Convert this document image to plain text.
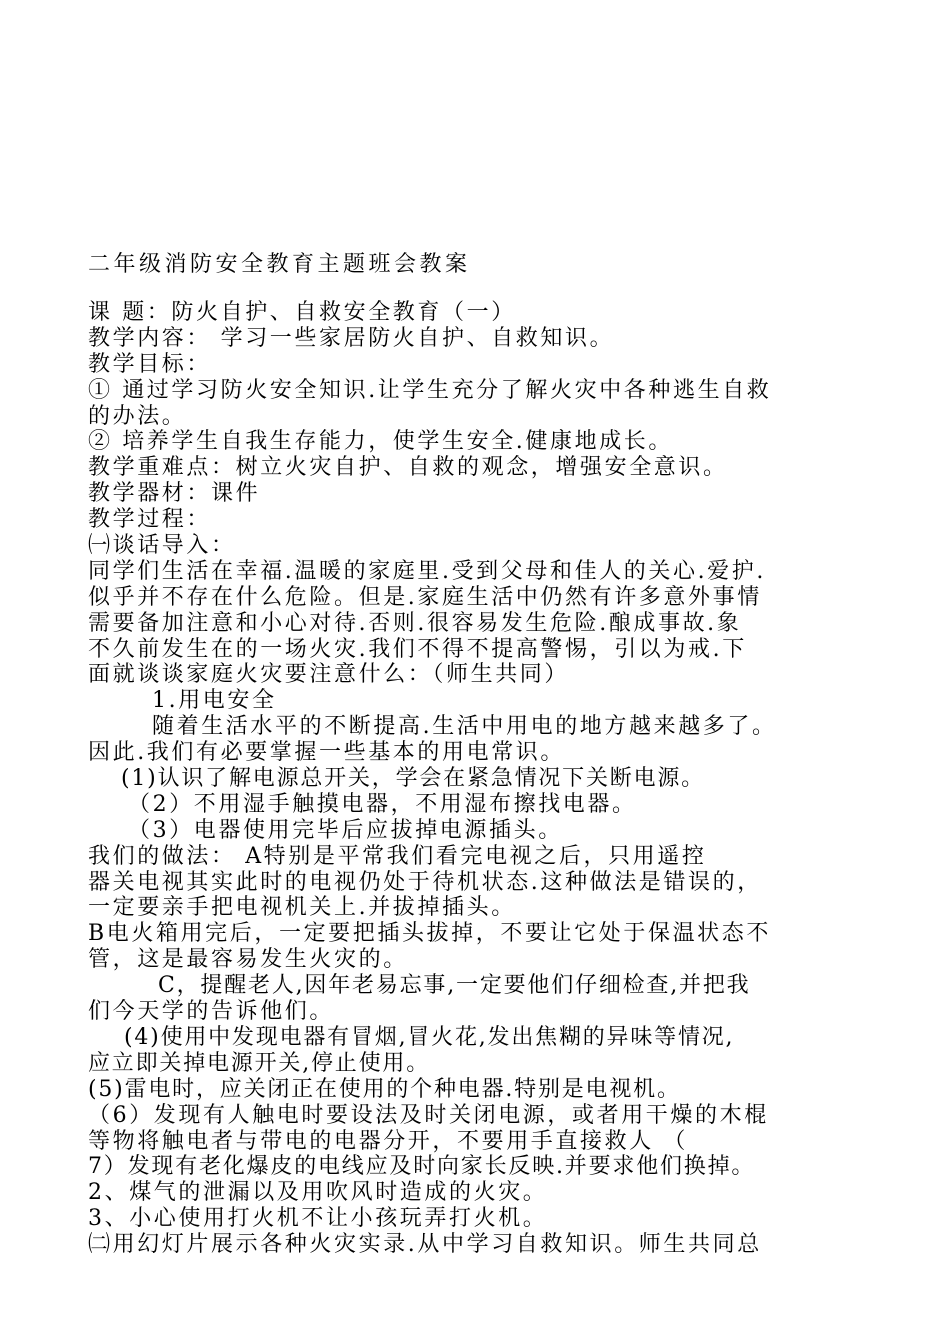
二年级消防安全教育主题班会教案
课 题：防火自护、自救安全教育（一）
教学内容： 学习一些家居防火自护、自救知识。
教学目标：
① 通过学习防火安全知识.让学生充分了解火灾中各种逃生自救
的办法。
② 培养学生自我生存能力，使学生安全.健康地成长。
教学重难点：树立火灾自护、自救的观念，增强安全意识。
教学器材：课件
教学过程：
㈠谈话导入：
同学们生活在幸福.温暖的家庭里.受到父母和佳人的关心.爱护.
似乎并不存在什么危险。但是.家庭生活中仍然有许多意外事情
需要备加注意和小心对待.否则.很容易发生危险.酿成事故.象
不久前发生在的一场火灾.我们不得不提高警惕，引以为戒.下
面就谈谈家庭火灾要注意什么：（师生共同）
1.用电安全
随着生活水平的不断提高.生活中用电的地方越来越多了。
因此.我们有必要掌握一些基本的用电常识。
(1)认识了解电源总开关，学会在紧急情况下关断电源。
（2）不用湿手触摸电器，不用湿布擦找电器。
（3）电器使用完毕后应拔掉电源插头。
我们的做法： A特别是平常我们看完电视之后，只用遥控
器关电视其实此时的电视仍处于待机状态.这种做法是错误的，
一定要亲手把电视机关上.并拔掉插头。
B电火箱用完后，一定要把插头拔掉，不要让它处于保温状态不
管，这是最容易发生火灾的。
C，提醒老人,因年老易忘事,一定要他们仔细检查,并把我
们今天学的告诉他们。
(4)使用中发现电器有冒烟,冒火花,发出焦糊的异味等情况,
应立即关掉电源开关,停止使用。
(5)雷电时，应关闭正在使用的个种电器.特别是电视机。
（6）发现有人触电时要设法及时关闭电源，或者用干燥的木棍
等物将触电者与带电的电器分开，不要用手直接救人 （
7）发现有老化爆皮的电线应及时向家长反映.并要求他们换掉。
2、煤气的泄漏以及用吹风时造成的火灾。
3、小心使用打火机不让小孩玩弄打火机。
㈡用幻灯片展示各种火灾实录.从中学习自救知识。师生共同总
